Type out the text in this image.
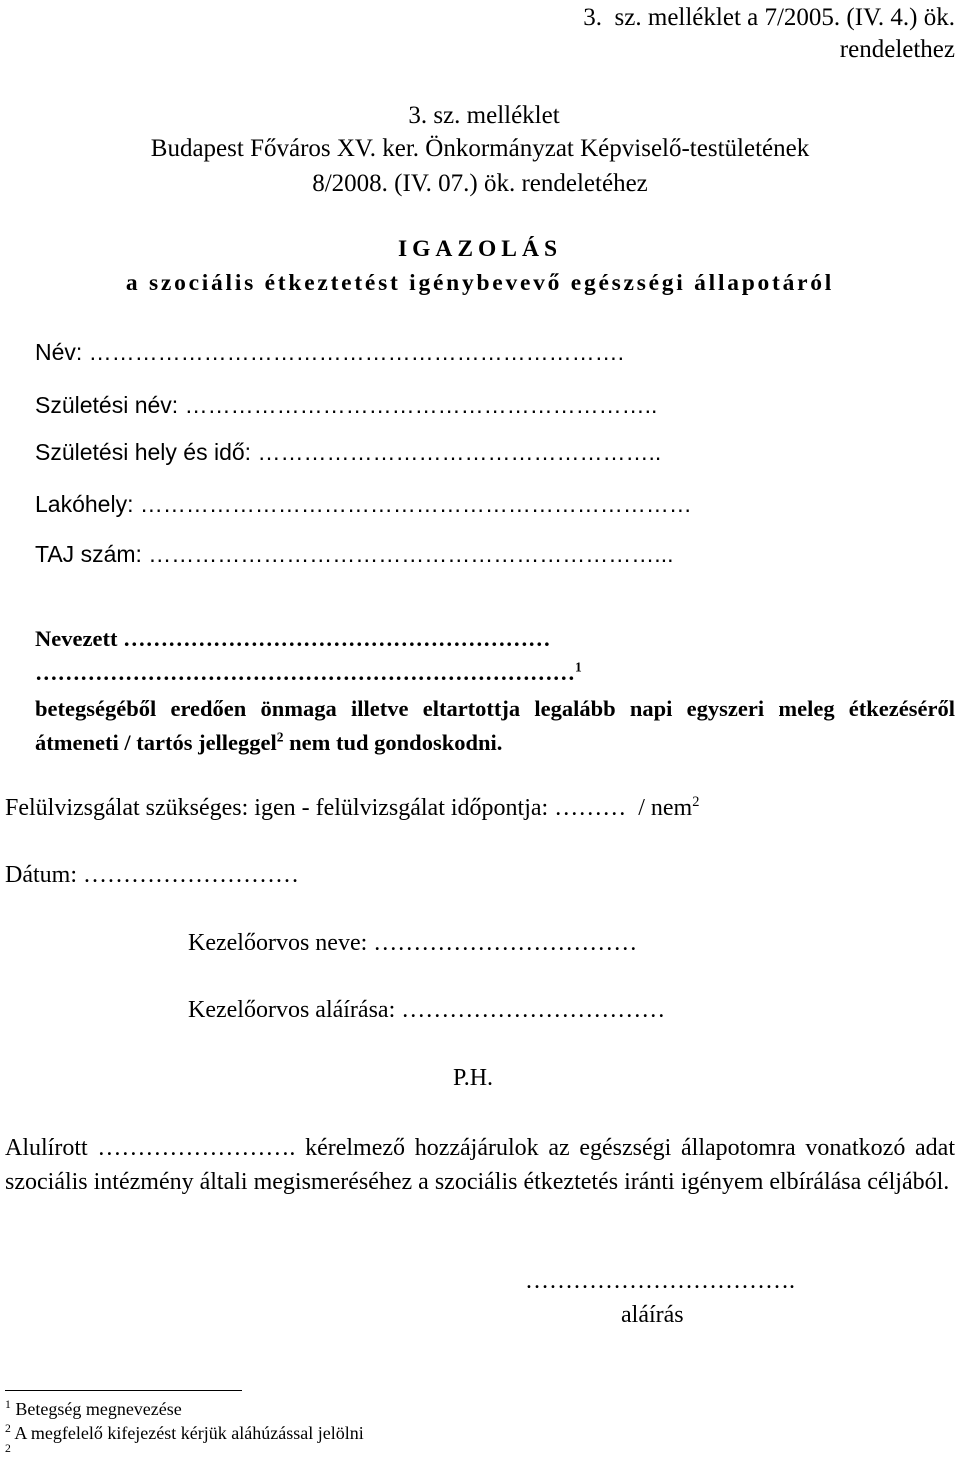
3.  sz. melléklet a 7/2005. (IV. 4.) ök.
rendelethez
3. sz. melléklet
Budapest Főváros XV. ker. Önkormányzat Képviselő-testületének
8/2008. (IV. 07.) ök. rendeletéhez
IGAZOLÁS
a szociális étkeztetést igénybevevő egészségi állapotáról
Név: …………………………………………………………….
Születési név: ……………………………………………………..
Születési hely és idő: ……………………………………………..
Lakóhely: ………………………………………………………………
TAJ szám: …………………………………………………………...
Nevezett …………………………………………………
………………………………………………………………$^1$
betegségéből eredően önmaga illetve eltartottja legalább napi egyszeri meleg étkezéséről átmeneti / tartós jelleggel$^2$ nem tud gondoskodni.
Felülvizsgálat szükséges: igen - felülvizsgálat időpontja: ………  / nem$^2$
Dátum: ………………………
Kezelőorvos neve: ……………………………
Kezelőorvos aláírása: ……………………………
P.H.
Alulírott ……………………. kérelmező hozzájárulok az egészségi állapotomra vonatkozó adat szociális intézmény általi megismeréséhez a szociális étkeztetés iránti igényem elbírálása céljából.
…………………………….
aláírás
$^1$ Betegség megnevezése
$^2$ A megfelelő kifejezést kérjük aláhúzással jelölni
$^2$
